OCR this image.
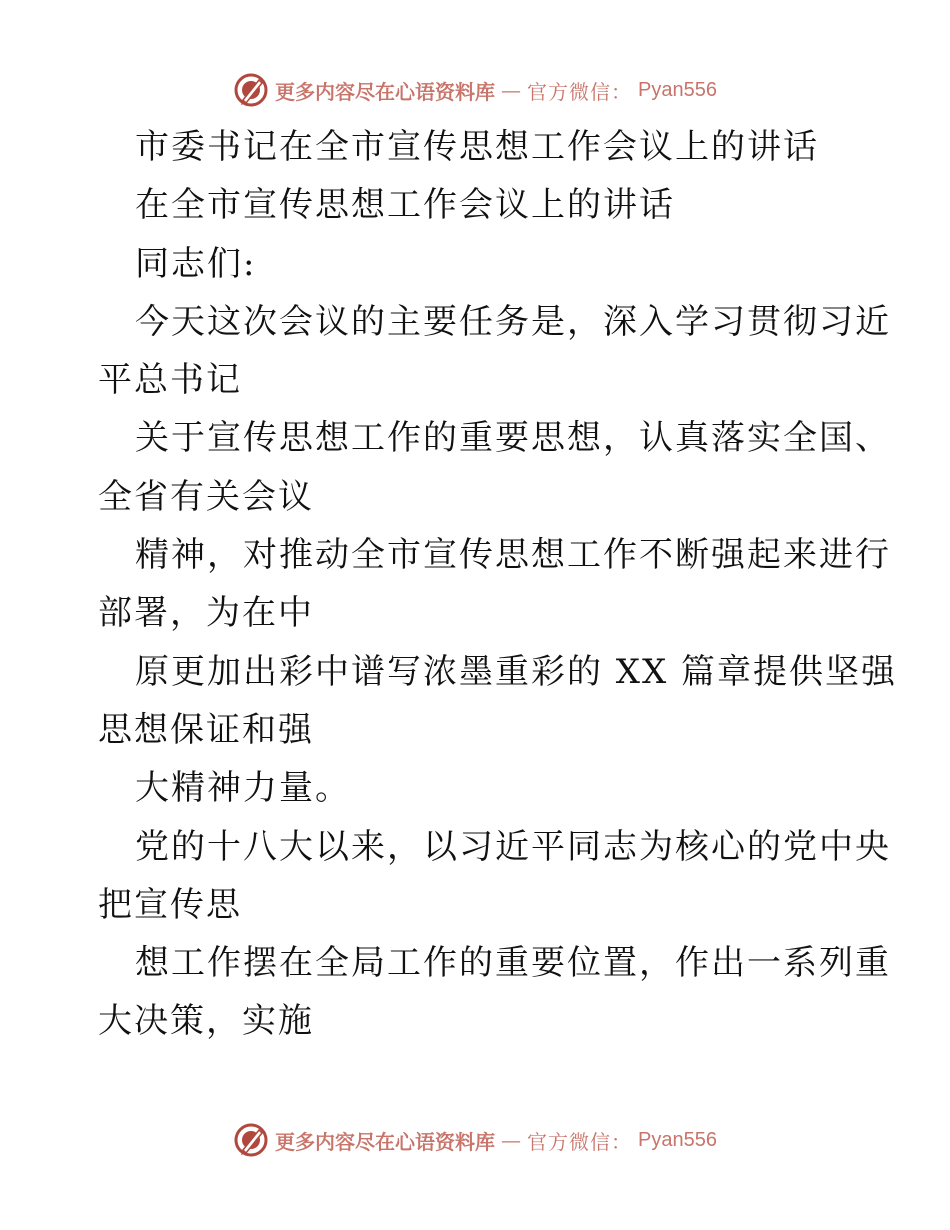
更多内容尽在心语资料库 — 官方微信： Pyan556
市委书记在全市宣传思想工作会议上的讲话
在全市宣传思想工作会议上的讲话
同志们:
今天这次会议的主要任务是，深入学习贯彻习近
平总书记
关于宣传思想工作的重要思想，认真落实全国、
全省有关会议
精神，对推动全市宣传思想工作不断强起来进行
部署，为在中
原更加出彩中谱写浓墨重彩的 XX 篇章提供坚强
思想保证和强
大精神力量。
党的十八大以来，以习近平同志为核心的党中央
把宣传思
想工作摆在全局工作的重要位置，作出一系列重
大决策，实施
更多内容尽在心语资料库 — 官方微信： Pyan556
